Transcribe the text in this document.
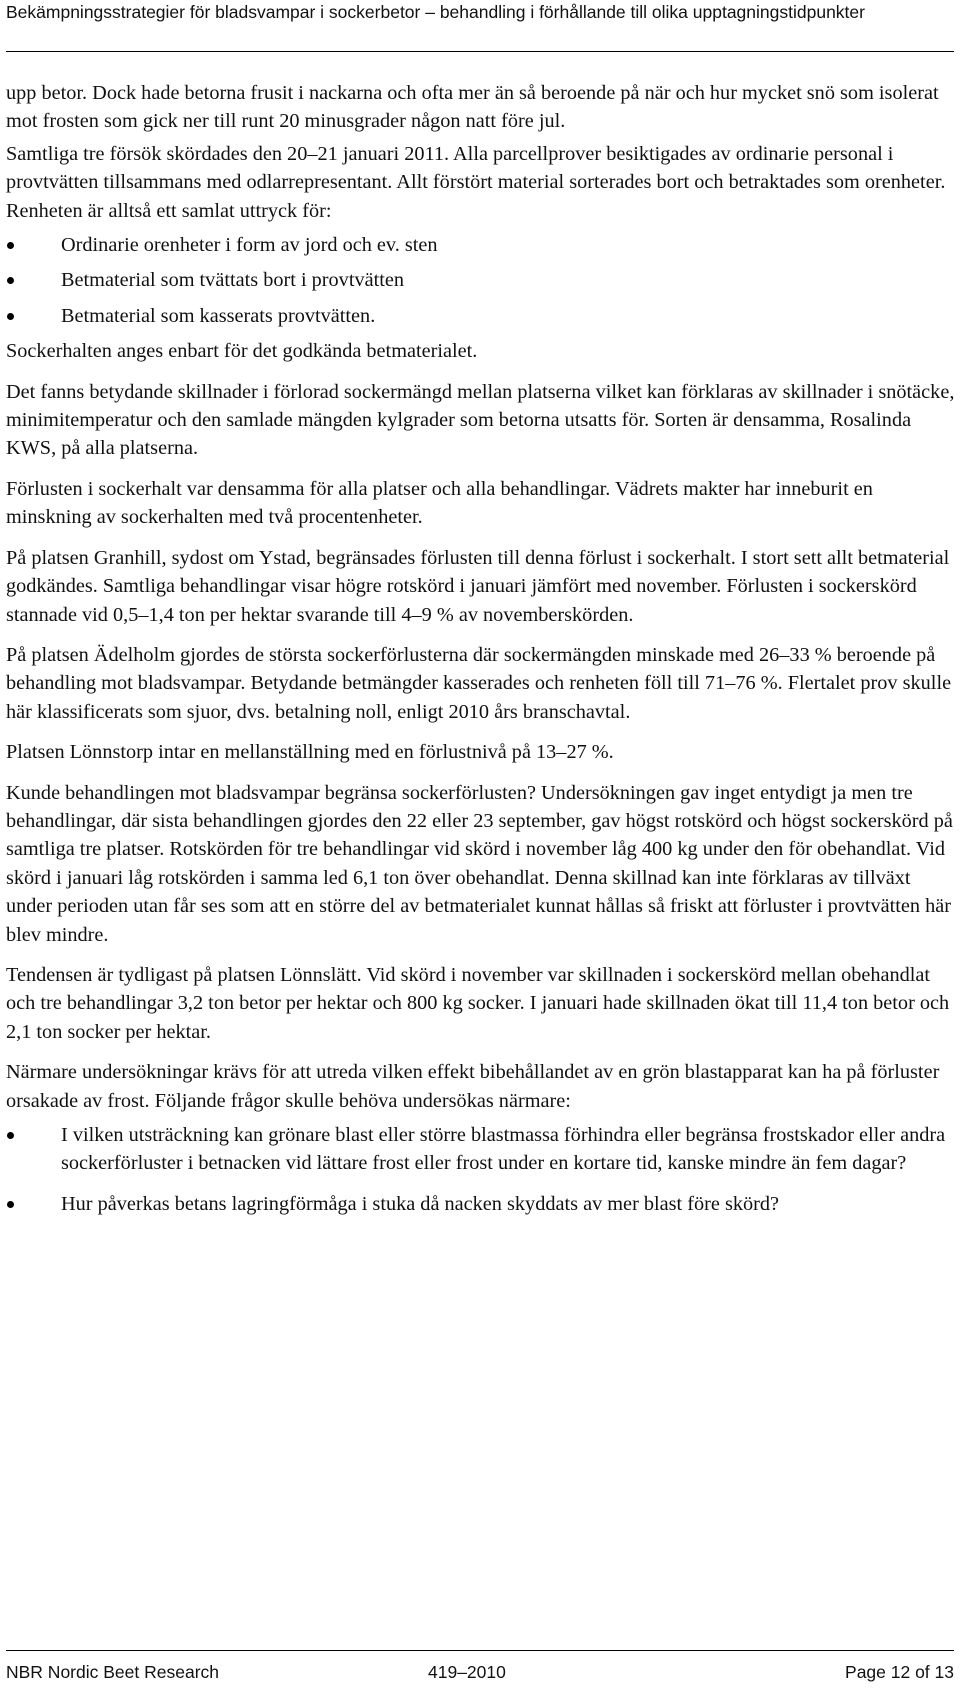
Bekämpningsstrategier för bladsvampar i sockerbetor – behandling i förhållande till olika upptagningstidpunkter

upp betor. Dock hade betorna frusit i nackarna och ofta mer än så beroende på när och hur mycket snö som isolerat mot frosten som gick ner till runt 20 minusgrader någon natt före jul.

Samtliga tre försök skördades den 20–21 januari 2011. Alla parcellprover besiktigades av ordinarie personal i provtvätten tillsammans med odlarrepresentant. Allt förstört material sorterades bort och betraktades som orenheter. Renheten är alltså ett samlat uttryck för:

Ordinarie orenheter i form av jord och ev. sten
Betmaterial som tvättats bort i provtvätten
Betmaterial som kasserats provtvätten.

Sockerhalten anges enbart för det godkända betmaterialet.

Det fanns betydande skillnader i förlorad sockermängd mellan platserna vilket kan förklaras av skillnader i snötäcke, minimitemperatur och den samlade mängden kylgrader som betorna utsatts för. Sorten är densamma, Rosalinda KWS, på alla platserna.

Förlusten i sockerhalt var densamma för alla platser och alla behandlingar. Vädrets makter har inneburit en minskning av sockerhalten med två procentenheter.

På platsen Granhill, sydost om Ystad, begränsades förlusten till denna förlust i sockerhalt. I stort sett allt betmaterial godkändes. Samtliga behandlingar visar högre rotskörd i januari jämfört med november. Förlusten i sockerskörd stannade vid 0,5–1,4 ton per hektar svarande till 4–9 % av novemberskörden.

På platsen Ädelholm gjordes de största sockerförlusterna där sockermängden minskade med 26–33 % beroende på behandling mot bladsvampar. Betydande betmängder kasserades och renheten föll till 71–76 %. Flertalet prov skulle här klassificerats som sjuor, dvs. betalning noll, enligt 2010 års branschavtal.

Platsen Lönnstorp intar en mellanställning med en förlustnivå på 13–27 %.

Kunde behandlingen mot bladsvampar begränsa sockerförlusten? Undersökningen gav inget entydigt ja men tre behandlingar, där sista behandlingen gjordes den 22 eller 23 september, gav högst rotskörd och högst sockerskörd på samtliga tre platser. Rotskörden för tre behandlingar vid skörd i november låg 400 kg under den för obehandlat. Vid skörd i januari låg rotskörden i samma led 6,1 ton över obehandlat. Denna skillnad kan inte förklaras av tillväxt under perioden utan får ses som att en större del av betmaterialet kunnat hållas så friskt att förluster i provtvätten här blev mindre.

Tendensen är tydligast på platsen Lönnslätt. Vid skörd i november var skillnaden i sockerskörd mellan obehandlat och tre behandlingar 3,2 ton betor per hektar och 800 kg socker. I januari hade skillnaden ökat till 11,4 ton betor och 2,1 ton socker per hektar.

Närmare undersökningar krävs för att utreda vilken effekt bibehållandet av en grön blastapparat kan ha på förluster orsakade av frost. Följande frågor skulle behöva undersökas närmare:

I vilken utsträckning kan grönare blast eller större blastmassa förhindra eller begränsa frostskador eller andra sockerförluster i betnacken vid lättare frost eller frost under en kortare tid, kanske mindre än fem dagar?
Hur påverkas betans lagringförmåga i stuka då nacken skyddats av mer blast före skörd?
NBR Nordic Beet Research	419–2010	Page 12 of 13
